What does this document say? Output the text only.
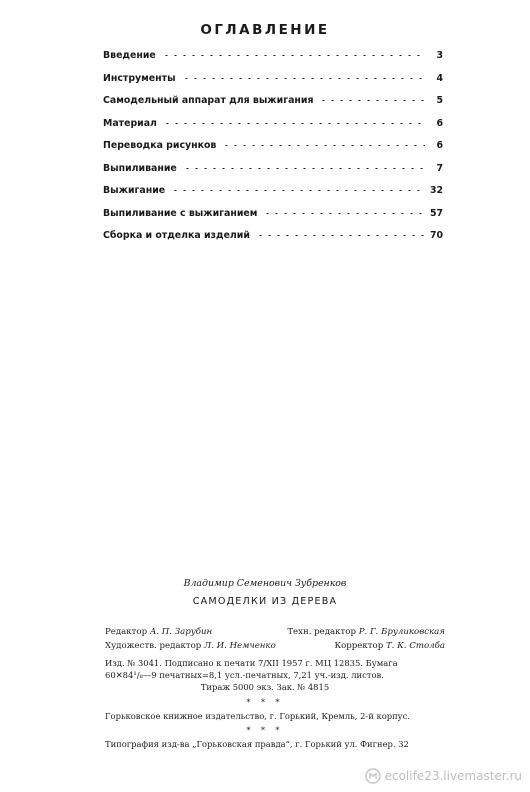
ОГЛАВЛЕНИЕ
Введение	3
Инструменты	4
Самодельный аппарат для выжигания	5
Материал	6
Переводка рисунков	6
Выпиливание	7
Выжигание	32
Выпиливание с выжиганием	57
Сборка и отделка изделий	70
Владимир Семенович Зубренков
САМОДЕЛКИ ИЗ ДЕРЕВА
Редактор А. П. Зарубин	Техн. редактор Р. Г. Бруликовская
Художеств. редактор Л. И. Немченко	Корректор Т. К. Столба
Изд. № 3041. Подписано к печати 7/XII 1957 г. МЦ 12835. Бумага
60✕84¹/₈—9 печатных=8,1 усл.-печатных, 7,21 уч.-изд. листов.
Тираж 5000 экз. Зак. № 4815
* * *
Горьковское книжное издательство, г. Горький, Кремль, 2-й корпус.
* * *
Типография изд-ва „Горьковская правда“, г. Горький ул. Фигнер. 32
ecolife23.livemaster.ru
